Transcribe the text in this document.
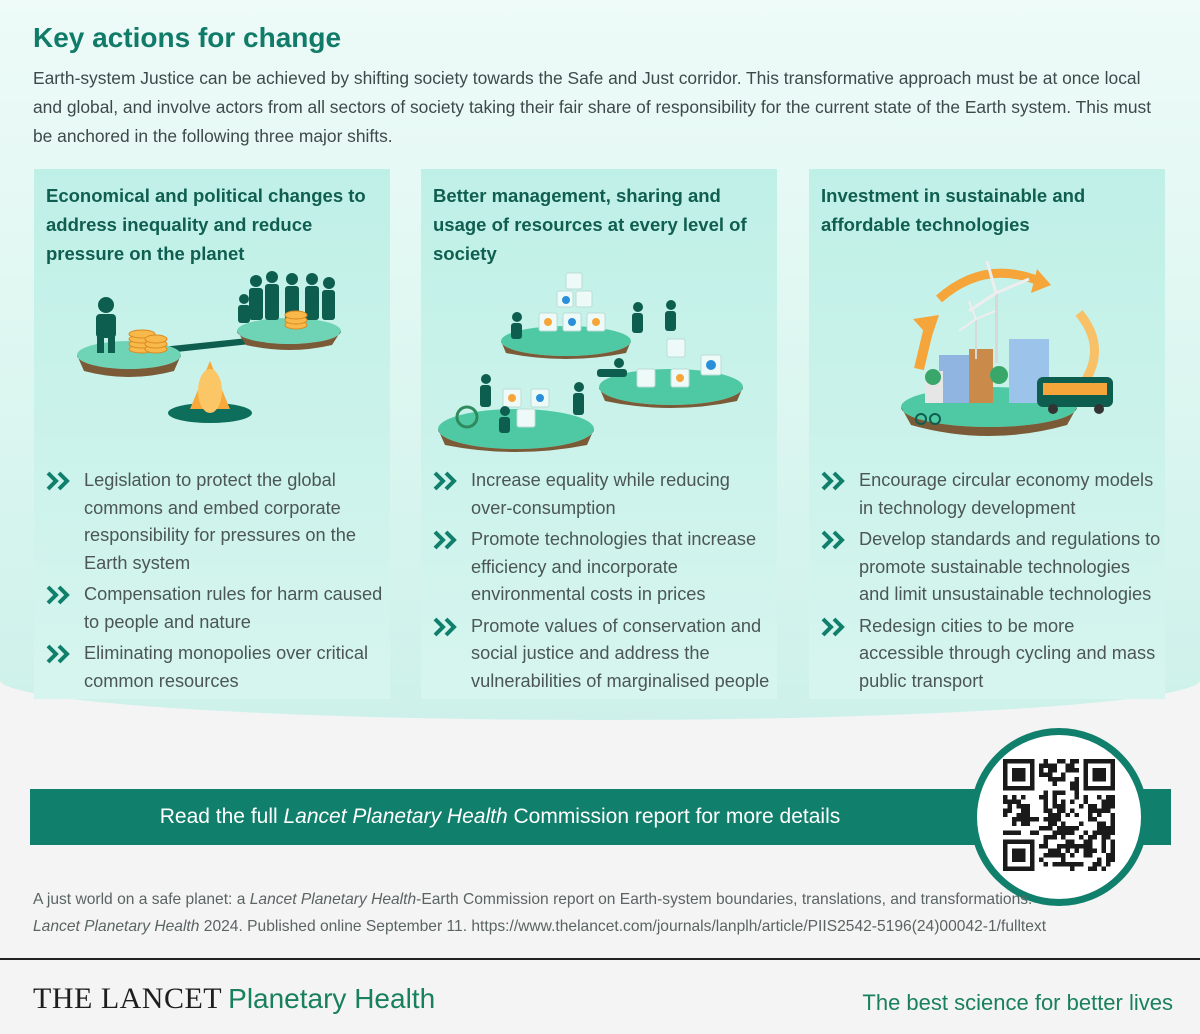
Key actions for change

Earth-system Justice can be achieved by shifting society towards the Safe and Just corridor. This transformative approach must be at once local and global, and involve actors from all sectors of society taking their fair share of responsibility for the current state of the Earth system. This must be anchored in the following three major shifts.

Economical and political changes to address inequality and reduce pressure on the planet
Legislation to protect the global commons and embed corporate responsibility for pressures on the Earth system
Compensation rules for harm caused to people and nature
Eliminating monopolies over critical common resources
Better management, sharing and usage of resources at every level of society
Increase equality while reducing over-consumption
Promote technologies that increase efficiency and incorporate environmental costs in prices
Promote values of conservation and social justice and address the vulnerabilities of marginalised people
Investment in sustainable and affordable technologies
Encourage circular economy models in technology development
Develop standards and regulations to promote sustainable technologies and limit unsustainable technologies
Redesign cities to be more accessible through cycling and mass public transport
Read the full Lancet Planetary Health Commission report for more details
A just world on a safe planet: a Lancet Planetary Health-Earth Commission report on Earth-system boundaries, translations, and transformations.
Lancet Planetary Health 2024. Published online September 11. https://www.thelancet.com/journals/lanplh/article/PIIS2542-5196(24)00042-1/fulltext
THE LANCET Planetary Health	The best science for better lives
